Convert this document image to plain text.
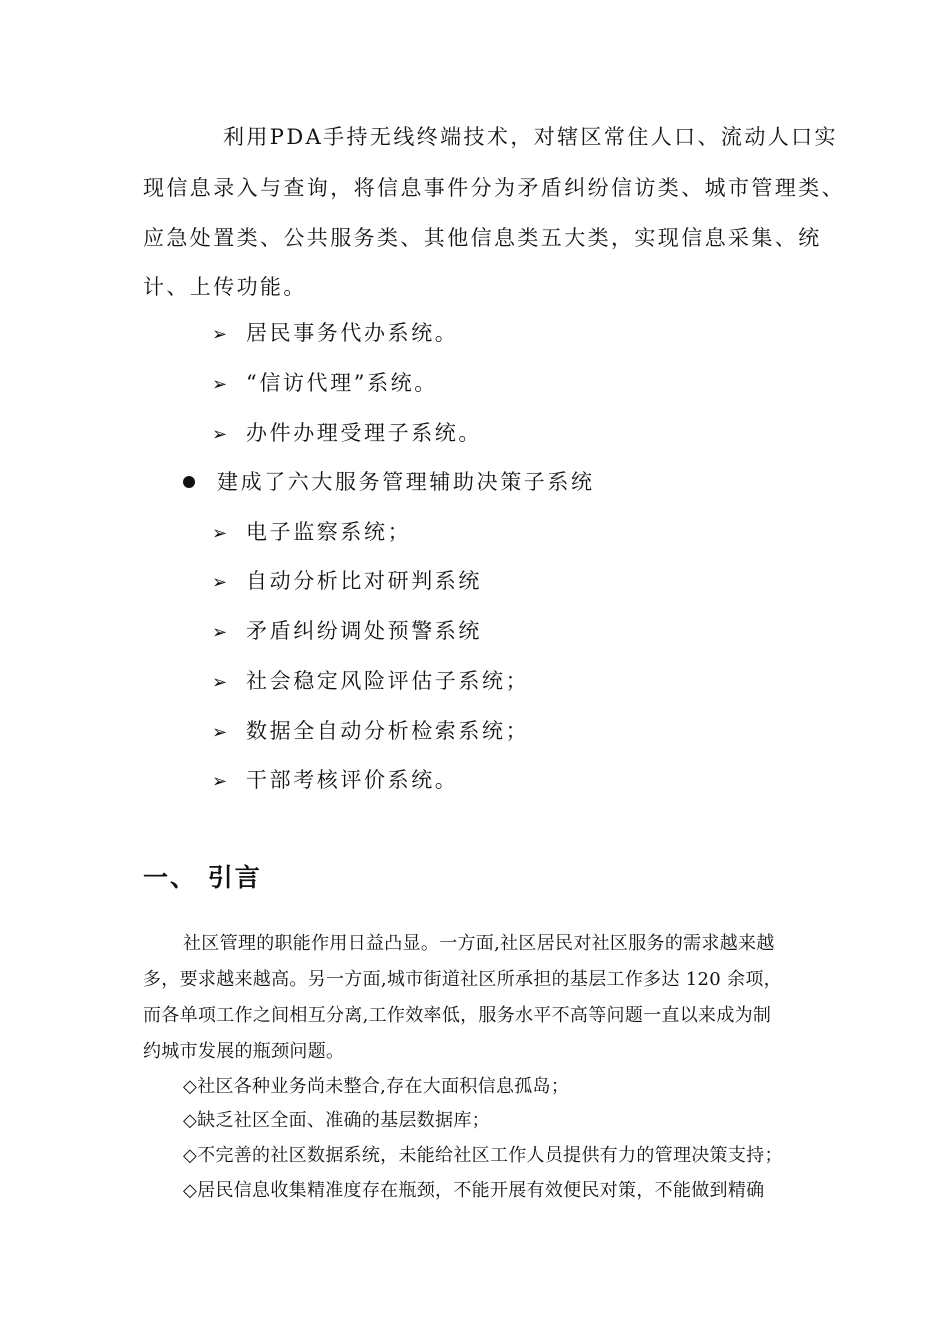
利用PDA手持无线终端技术，对辖区常住人口、流动人口实
现信息录入与查询，将信息事件分为矛盾纠纷信访类、城市管理类、
应急处置类、公共服务类、其他信息类五大类，实现信息采集、统
计、上传功能。
➢ 居民事务代办系统。
➢ “信访代理”系统。
➢ 办件办理受理子系统。
建成了六大服务管理辅助决策子系统
➢ 电子监察系统；
➢ 自动分析比对研判系统
➢ 矛盾纠纷调处预警系统
➢ 社会稳定风险评估子系统；
➢ 数据全自动分析检索系统；
➢ 干部考核评价系统。
一、 引言
社区管理的职能作用日益凸显。一方面,社区居民对社区服务的需求越来越
多，要求越来越高。另一方面,城市街道社区所承担的基层工作多达 120 余项，
而各单项工作之间相互分离,工作效率低，服务水平不高等问题一直以来成为制
约城市发展的瓶颈问题。
◇社区各种业务尚未整合,存在大面积信息孤岛；
◇缺乏社区全面、准确的基层数据库；
◇不完善的社区数据系统，未能给社区工作人员提供有力的管理决策支持；
◇居民信息收集精准度存在瓶颈，不能开展有效便民对策，不能做到精确
